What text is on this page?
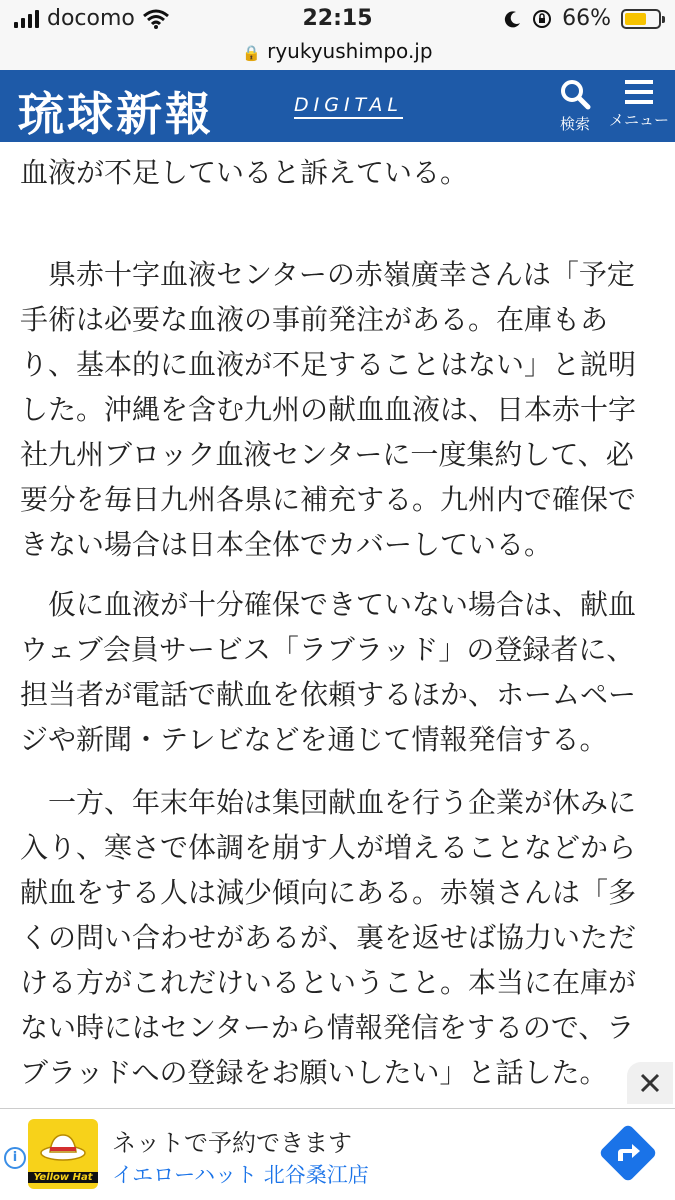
docomo	22:15	66%
🔒 ryukyushimpo.jp
琉球新報	DIGITAL
検索	メニュー

血液が不足していると訴えている。

　県赤十字血液センターの赤嶺廣幸さんは「予定
手術は必要な血液の事前発注がある。在庫もあ
り、基本的に血液が不足することはない」と説明
した。沖縄を含む九州の献血血液は、日本赤十字
社九州ブロック血液センターに一度集約して、必
要分を毎日九州各県に補充する。九州内で確保で
きない場合は日本全体でカバーしている。

　仮に血液が十分確保できていない場合は、献血
ウェブ会員サービス「ラブラッド」の登録者に、
担当者が電話で献血を依頼するほか、ホームペー
ジや新聞・テレビなどを通じて情報発信する。

　一方、年末年始は集団献血を行う企業が休みに
入り、寒さで体調を崩す人が増えることなどから
献血をする人は減少傾向にある。赤嶺さんは「多
くの問い合わせがあるが、裏を返せば協力いただ
ける方がこれだけいるということ。本当に在庫が
ない時にはセンターから情報発信をするので、ラ
ブラッドへの登録をお願いしたい」と話した。

i
Yellow Hat
ネットで予約できます
イエローハット 北谷桑江店
